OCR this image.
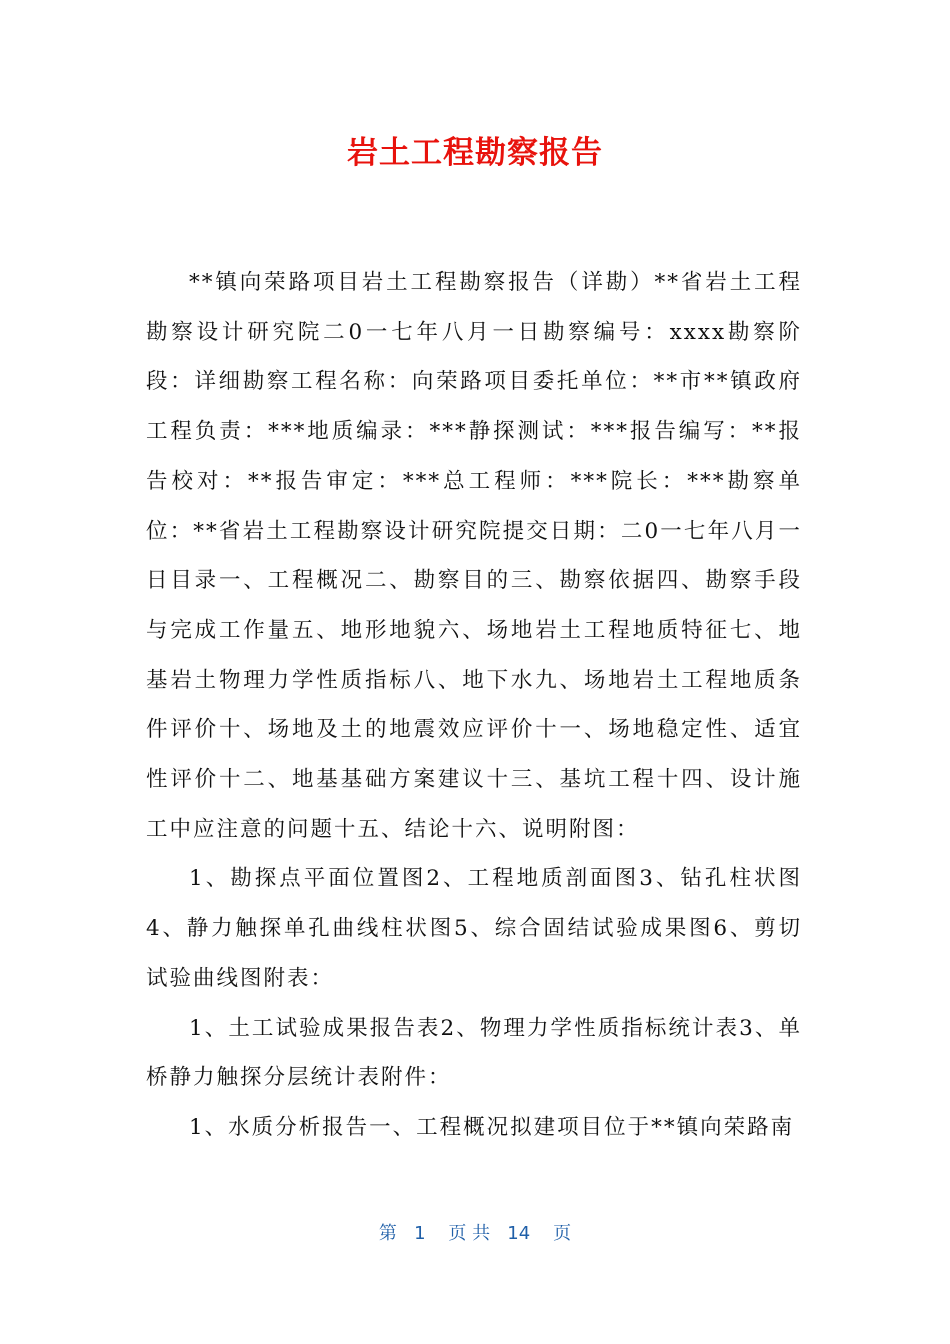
岩土工程勘察报告

**镇向荣路项目岩土工程勘察报告（详勘）**省岩土工程勘察设计研究院二0一七年八月一日勘察编号：xxxx勘察阶段：详细勘察工程名称：向荣路项目委托单位：**市**镇政府工程负责：***地质编录：***静探测试：***报告编写：**报告校对：**报告审定：***总工程师：***院长：***勘察单位：**省岩土工程勘察设计研究院提交日期：二0一七年八月一日目录一、工程概况二、勘察目的三、勘察依据四、勘察手段与完成工作量五、地形地貌六、场地岩土工程地质特征七、地基岩土物理力学性质指标八、地下水九、场地岩土工程地质条件评价十、场地及土的地震效应评价十一、场地稳定性、适宜性评价十二、地基基础方案建议十三、基坑工程十四、设计施工中应注意的问题十五、结论十六、说明附图：

1、勘探点平面位置图2、工程地质剖面图3、钻孔柱状图4、静力触探单孔曲线柱状图5、综合固结试验成果图6、剪切试验曲线图附表：

1、土工试验成果报告表2、物理力学性质指标统计表3、单桥静力触探分层统计表附件：

1、水质分析报告一、工程概况拟建项目位于**镇向荣路南

第   1    页 共   14    页
